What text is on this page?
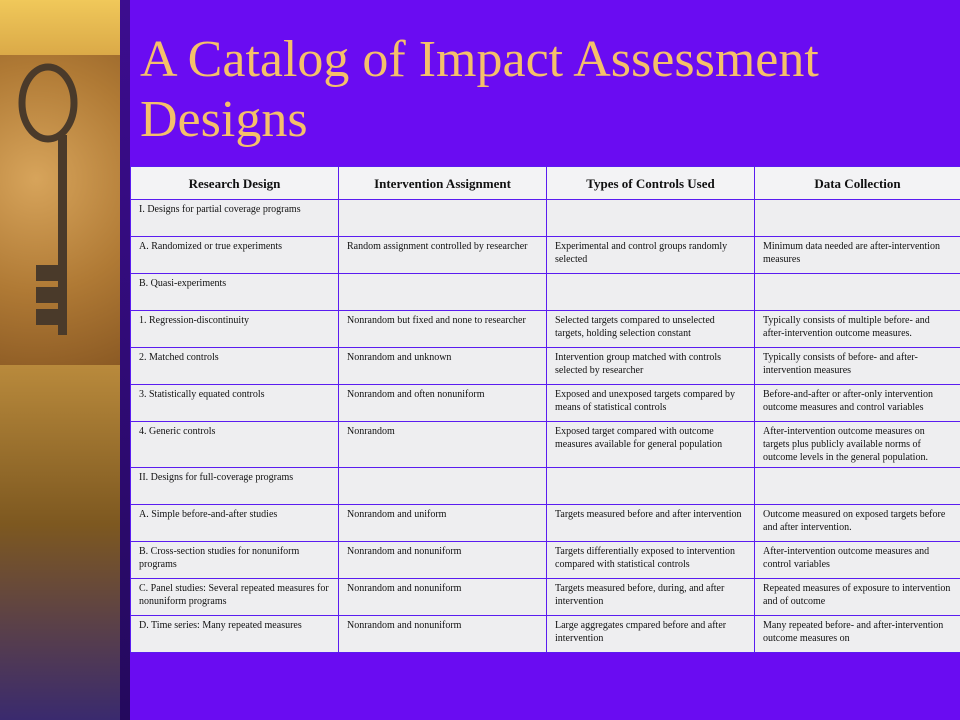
A Catalog of Impact Assessment Designs
Research Design	Intervention Assignment	Types of Controls Used	Data Collection
I. Designs for partial coverage programs			
A. Randomized or true experiments	Random assignment controlled by researcher	Experimental and control groups randomly selected	Minimum data needed are after-intervention measures
B. Quasi-experiments			
1. Regression-discontinuity	Nonrandom but fixed and none to researcher	Selected targets compared to unselected targets, holding selection constant	Typically consists of multiple before- and after-intervention outcome measures.
2. Matched controls	Nonrandom and unknown	Intervention group matched with controls selected by researcher	Typically consists of before- and after-intervention measures
3. Statistically equated controls	Nonrandom and often nonuniform	Exposed and unexposed targets compared by means of statistical controls	Before-and-after or after-only intervention outcome measures and control variables
4. Generic controls	Nonrandom	Exposed target compared with outcome measures available for general population	After-intervention outcome measures on targets plus publicly available norms of outcome levels in the general population.
II. Designs for full-coverage programs			
A. Simple before-and-after studies	Nonrandom and uniform	Targets measured before and after intervention	Outcome measured on exposed targets before and after intervention.
B. Cross-section studies for nonuniform programs	Nonrandom and nonuniform	Targets differentially exposed to intervention compared with statistical controls	After-intervention outcome measures and control variables
C. Panel studies: Several repeated measures for nonuniform programs	Nonrandom and nonuniform	Targets measured before, during, and after intervention	Repeated measures of exposure to intervention and of outcome
D. Time series: Many repeated measures	Nonrandom and nonuniform	Large aggregates cmpared before and after intervention	Many repeated before- and after-intervention outcome measures on
